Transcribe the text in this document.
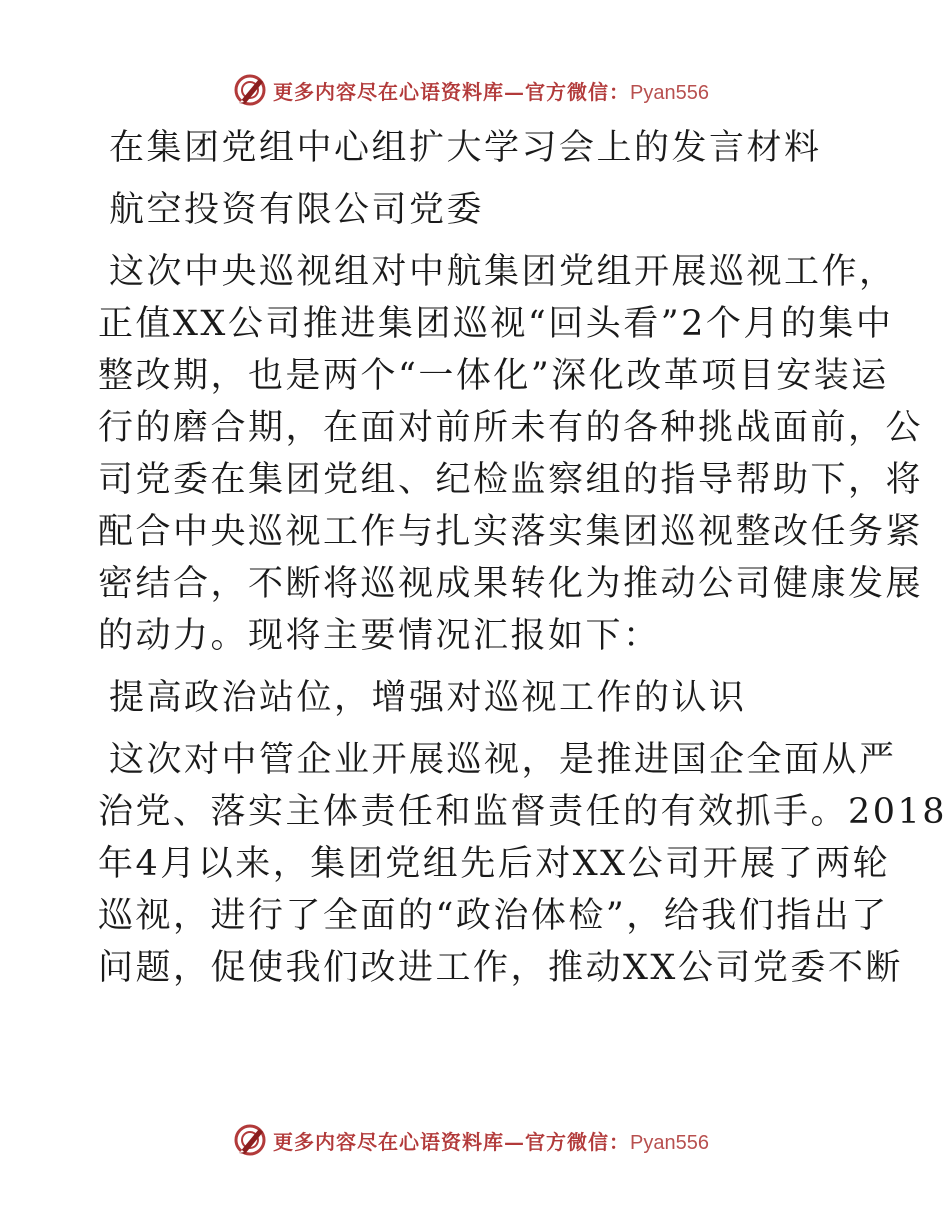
更多内容尽在心语资料库—官方微信：Pyan556
在集团党组中心组扩大学习会上的发言材料
航空投资有限公司党委
这次中央巡视组对中航集团党组开展巡视工作，
正值XX公司推进集团巡视“回头看”2个月的集中
整改期，也是两个“一体化”深化改革项目安装运
行的磨合期，在面对前所未有的各种挑战面前，公
司党委在集团党组、纪检监察组的指导帮助下，将
配合中央巡视工作与扎实落实集团巡视整改任务紧
密结合，不断将巡视成果转化为推动公司健康发展
的动力。现将主要情况汇报如下：
提高政治站位，增强对巡视工作的认识
这次对中管企业开展巡视，是推进国企全面从严
治党、落实主体责任和监督责任的有效抓手。2018
年4月以来，集团党组先后对XX公司开展了两轮
巡视，进行了全面的“政治体检”，给我们指出了
问题，促使我们改进工作，推动XX公司党委不断
更多内容尽在心语资料库—官方微信：Pyan556
